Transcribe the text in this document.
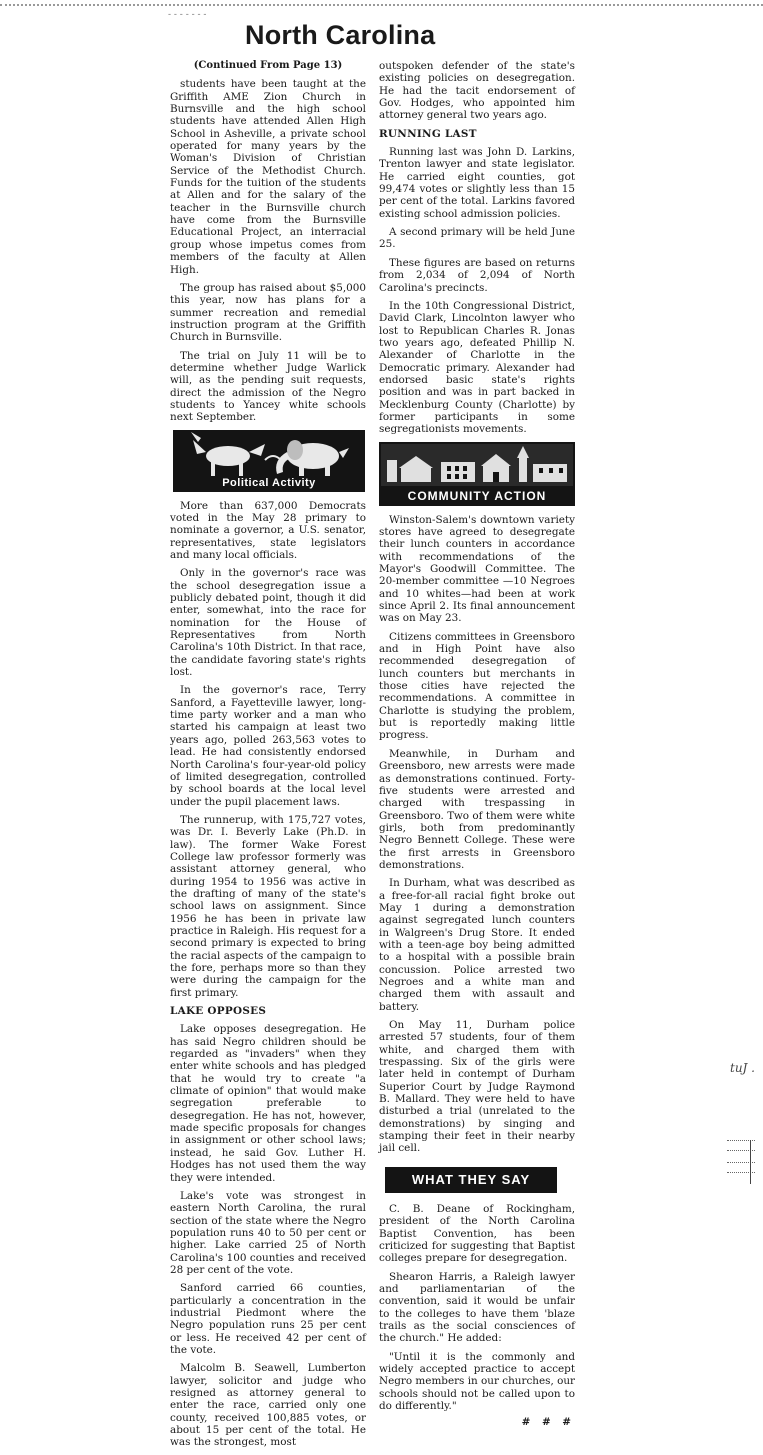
- - - - - - -
North Carolina

(Continued From Page 13)

students have been taught at the Griffith AME Zion Church in Burnsville and the high school students have attended Allen High School in Asheville, a private school operated for many years by the Woman's Division of Christian Service of the Methodist Church. Funds for the tuition of the students at Allen and for the salary of the teacher in the Burnsville church have come from the Burnsville Educational Project, an interracial group whose impetus comes from members of the faculty at Allen High.

The group has raised about $5,000 this year, now has plans for a summer recreation and remedial instruction program at the Griffith Church in Burnsville.

The trial on July 11 will be to determine whether Judge Warlick will, as the pending suit requests, direct the admission of the Negro students to Yancey white schools next September.

Political Activity

More than 637,000 Democrats voted in the May 28 primary to nominate a governor, a U.S. senator, representatives, state legislators and many local officials.

Only in the governor's race was the school desegregation issue a publicly debated point, though it did enter, somewhat, into the race for nomination for the House of Representatives from North Carolina's 10th District. In that race, the candidate favoring state's rights lost.

In the governor's race, Terry Sanford, a Fayetteville lawyer, long-time party worker and a man who started his campaign at least two years ago, polled 263,563 votes to lead. He had consistently endorsed North Carolina's four-year-old policy of limited desegregation, controlled by school boards at the local level under the pupil placement laws.

The runnerup, with 175,727 votes, was Dr. I. Beverly Lake (Ph.D. in law). The former Wake Forest College law professor formerly was assistant attorney general, who during 1954 to 1956 was active in the drafting of many of the state's school laws on assignment. Since 1956 he has been in private law practice in Raleigh. His request for a second primary is expected to bring the racial aspects of the campaign to the fore, perhaps more so than they were during the campaign for the first primary.

LAKE OPPOSES

Lake opposes desegregation. He has said Negro children should be regarded as "invaders" when they enter white schools and has pledged that he would try to create "a climate of opinion" that would make segregation preferable to desegregation. He has not, however, made specific proposals for changes in assignment or other school laws; instead, he said Gov. Luther H. Hodges has not used them the way they were intended.

Lake's vote was strongest in eastern North Carolina, the rural section of the state where the Negro population runs 40 to 50 per cent or higher. Lake carried 25 of North Carolina's 100 counties and received 28 per cent of the vote.

Sanford carried 66 counties, particularly a concentration in the industrial Piedmont where the Negro population runs 25 per cent or less. He received 42 per cent of the vote.

Malcolm B. Seawell, Lumberton lawyer, solicitor and judge who resigned as attorney general to enter the race, carried only one county, received 100,885 votes, or about 15 per cent of the total. He was the strongest, most

outspoken defender of the state's existing policies on desegregation. He had the tacit endorsement of Gov. Hodges, who appointed him attorney general two years ago.

RUNNING LAST

Running last was John D. Larkins, Trenton lawyer and state legislator. He carried eight counties, got 99,474 votes or slightly less than 15 per cent of the total. Larkins favored existing school admission policies.

A second primary will be held June 25.

These figures are based on returns from 2,034 of 2,094 of North Carolina's precincts.

In the 10th Congressional District, David Clark, Lincolnton lawyer who lost to Republican Charles R. Jonas two years ago, defeated Phillip N. Alexander of Charlotte in the Democratic primary. Alexander had endorsed basic state's rights position and was in part backed in Mecklenburg County (Charlotte) by former participants in some segregationists movements.

COMMUNITY ACTION

Winston-Salem's downtown variety stores have agreed to desegregate their lunch counters in accordance with recommendations of the Mayor's Goodwill Committee. The 20-member committee —10 Negroes and 10 whites—had been at work since April 2. Its final announcement was on May 23.

Citizens committees in Greensboro and in High Point have also recommended desegregation of lunch counters but merchants in those cities have rejected the recommendations. A committee in Charlotte is studying the problem, but is reportedly making little progress.

Meanwhile, in Durham and Greensboro, new arrests were made as demonstrations continued. Forty-five students were arrested and charged with trespassing in Greensboro. Two of them were white girls, both from predominantly Negro Bennett College. These were the first arrests in Greensboro demonstrations.

In Durham, what was described as a free-for-all racial fight broke out May 1 during a demonstration against segregated lunch counters in Walgreen's Drug Store. It ended with a teen-age boy being admitted to a hospital with a possible brain concussion. Police arrested two Negroes and a white man and charged them with assault and battery.

On May 11, Durham police arrested 57 students, four of them white, and charged them with trespassing. Six of the girls were later held in contempt of Durham Superior Court by Judge Raymond B. Mallard. They were held to have disturbed a trial (unrelated to the demonstrations) by singing and stamping their feet in their nearby jail cell.

WHAT THEY SAY

C. B. Deane of Rockingham, president of the North Carolina Baptist Convention, has been criticized for suggesting that Baptist colleges prepare for desegregation.

Shearon Harris, a Raleigh lawyer and parliamentarian of the convention, said it would be unfair to the colleges to have them 'blaze trails as the social consciences of the church." He added:

"Until it is the commonly and widely accepted practice to accept Negro members in our churches, our schools should not be called upon to do differently."

# # #
tuJ .
